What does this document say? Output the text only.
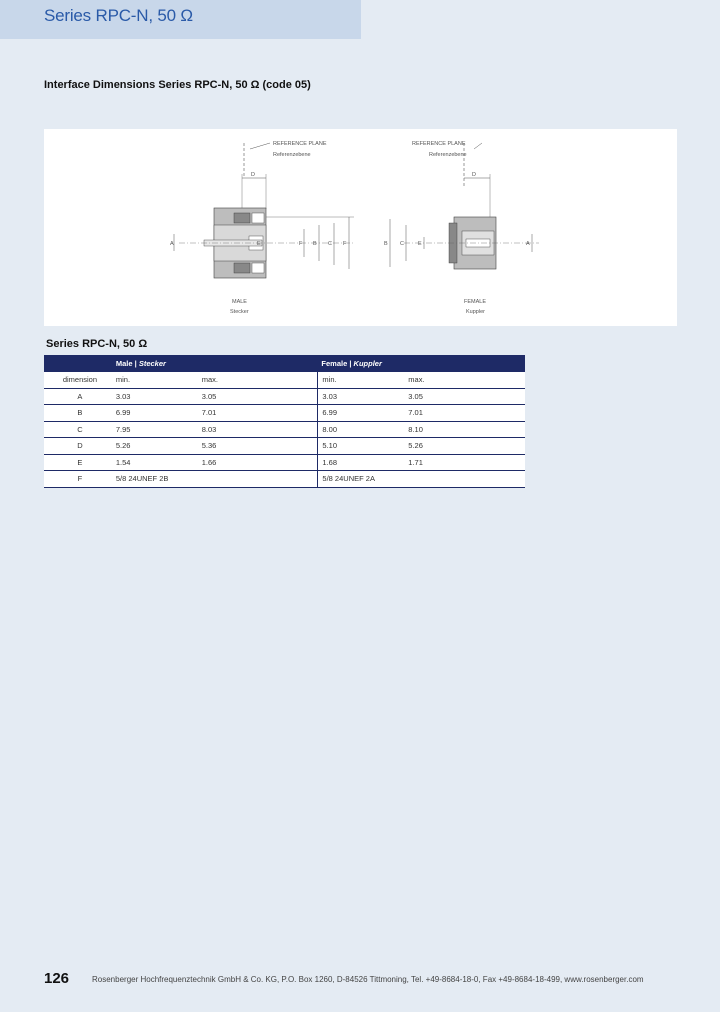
Series RPC-N, 50 Ω
Interface Dimensions Series RPC-N, 50 Ω (code 05)
REFERENCE PLANE
Referenzebene
D
A	E	F B C F
MALE
Stecker
REFERENCE PLANE
Referenzebene
D
B C	E	A
FEMALE
Kuppler
Series RPC-N, 50 Ω
	Male | Stecker		Female | Kuppler	
dimension	min.	max.	min.	max.
A	3.03	3.05	3.03	3.05
B	6.99	7.01	6.99	7.01
C	7.95	8.03	8.00	8.10
D	5.26	5.36	5.10	5.26
E	1.54	1.66	1.68	1.71
F	5/8 24UNEF 2B		5/8 24UNEF 2A	
126	Rosenberger Hochfrequenztechnik GmbH & Co. KG, P.O. Box 1260, D-84526 Tittmoning, Tel. +49-8684-18-0, Fax +49-8684-18-499, www.rosenberger.com
